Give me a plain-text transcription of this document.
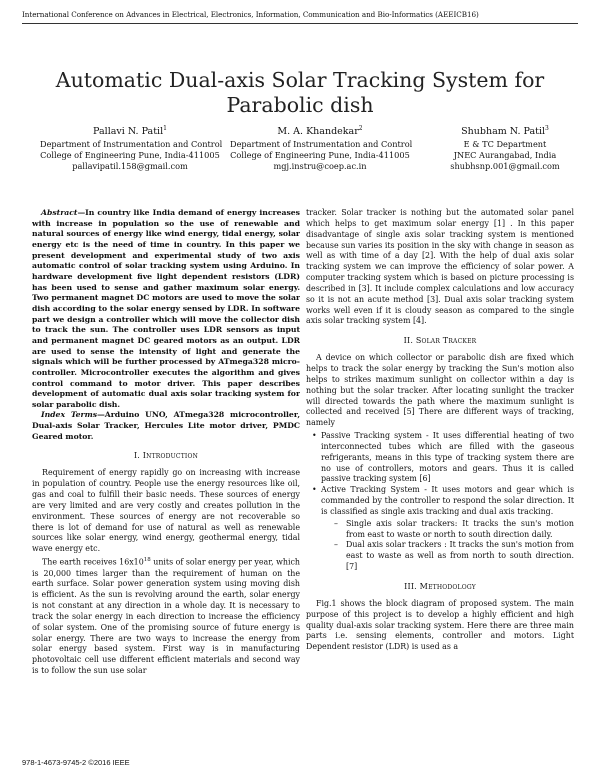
International Conference on Advances in Electrical, Electronics, Information, Communication and Bio-Informatics (AEEICB16)
Automatic Dual-axis Solar Tracking System for Parabolic dish
Pallavi N. Patil$^1$
Department of Instrumentation and Control
College of Engineering Pune, India-411005
pallavipatil.158@gmail.com
M. A. Khandekar$^2$
Department of Instrumentation and Control
College of Engineering Pune, India-411005
mgj.instru@coep.ac.in
Shubham N. Patil$^3$
E & TC Department
JNEC Aurangabad, India
shubhsnp.001@gmail.com

Abstract—In country like India demand of energy increases with increase in population so the use of renewable and natural sources of energy like wind energy, tidal energy, solar energy etc is the need of time in country. In this paper we present development and experimental study of two axis automatic control of solar tracking system using Arduino. In hardware development five light dependent resistors (LDR) has been used to sense and gather maximum solar energy. Two permanent magnet DC motors are used to move the solar dish according to the solar energy sensed by LDR. In software part we design a controller which will move the collector dish to track the sun. The controller uses LDR sensors as input and permanent magnet DC geared motors as an output. LDR are used to sense the intensity of light and generate the signals which will be further processed by ATmega328 micro-controller. Microcontroller executes the algorithm and gives control command to motor driver. This paper describes development of automatic dual axis solar tracking system for solar parabolic dish.

Index Terms—Arduino UNO, ATmega328 microcontroller, Dual-axis Solar Tracker, Hercules Lite motor driver, PMDC Geared motor.

I. Introduction

Requirement of energy rapidly go on increasing with increase in population of country. People use the energy resources like oil, gas and coal to fulfill their basic needs. These sources of energy are very limited and are very costly and creates pollution in the environment. These sources of energy are not recoverable so there is lot of demand for use of natural as well as renewable sources like solar energy, wind energy, geothermal energy, tidal wave energy etc.

The earth receives $16x10^{18}$ units of solar energy per year, which is 20,000 times larger than the requirement of human on the earth surface. Solar power generation system using moving dish is efficient. As the sun is revolving around the earth, solar energy is not constant at any direction in a whole day. It is necessary to track the solar energy in each direction to increase the efficiency of solar system. One of the promising source of future energy is solar energy. There are two ways to increase the energy from solar energy based system. First way is in manufacturing photovoltaic cell use different efficient materials and second way is to follow the sun use solar

tracker. Solar tracker is nothing but the automated solar panel which helps to get maximum solar energy [1] . In this paper disadvantage of single axis solar tracking system is mentioned because sun varies its position in the sky with change in season as well as with time of a day [2]. With the help of dual axis solar tracking system we can improve the efficiency of solar power. A computer tracking system which is based on picture processing is described in [3]. It include complex calculations and low accuracy so it is not an acute method [3]. Dual axis solar tracking system works well even if it is cloudy season as compared to the single axis solar tracking system [4].

II. Solar Tracker

A device on which collector or parabolic dish are fixed which helps to track the solar energy by tracking the Sun's motion also helps to strikes maximum sunlight on collector within a day is nothing but the solar tracker. After locating sunlight the tracker will directed towards the path where the maximum sunlight is collected and received [5] There are different ways of tracking, namely

• Passive Tracking system - It uses differential heating of two interconnected tubes which are filled with the gaseous refrigerants, means in this type of tracking system there are no use of controllers, motors and gears. Thus it is called passive tracking system [6]
• Active Tracking System - It uses motors and gear which is commanded by the controller to respond the solar direction. It is classified as single axis tracking and dual axis tracking.
– Single axis solar trackers: It tracks the sun's motion from east to waste or north to south direction daily.
– Dual axis solar trackers : It tracks the sun's motion from east to waste as well as from north to south direction. [7]
III. Methodology

Fig.1 shows the block diagram of proposed system. The main purpose of this project is to develop a highly efficient and high quality dual-axis solar tracking system. Here there are three main parts i.e. sensing elements, controller and motors. Light Dependent resistor (LDR) is used as a

978-1-4673-9745-2 ©2016 IEEE
